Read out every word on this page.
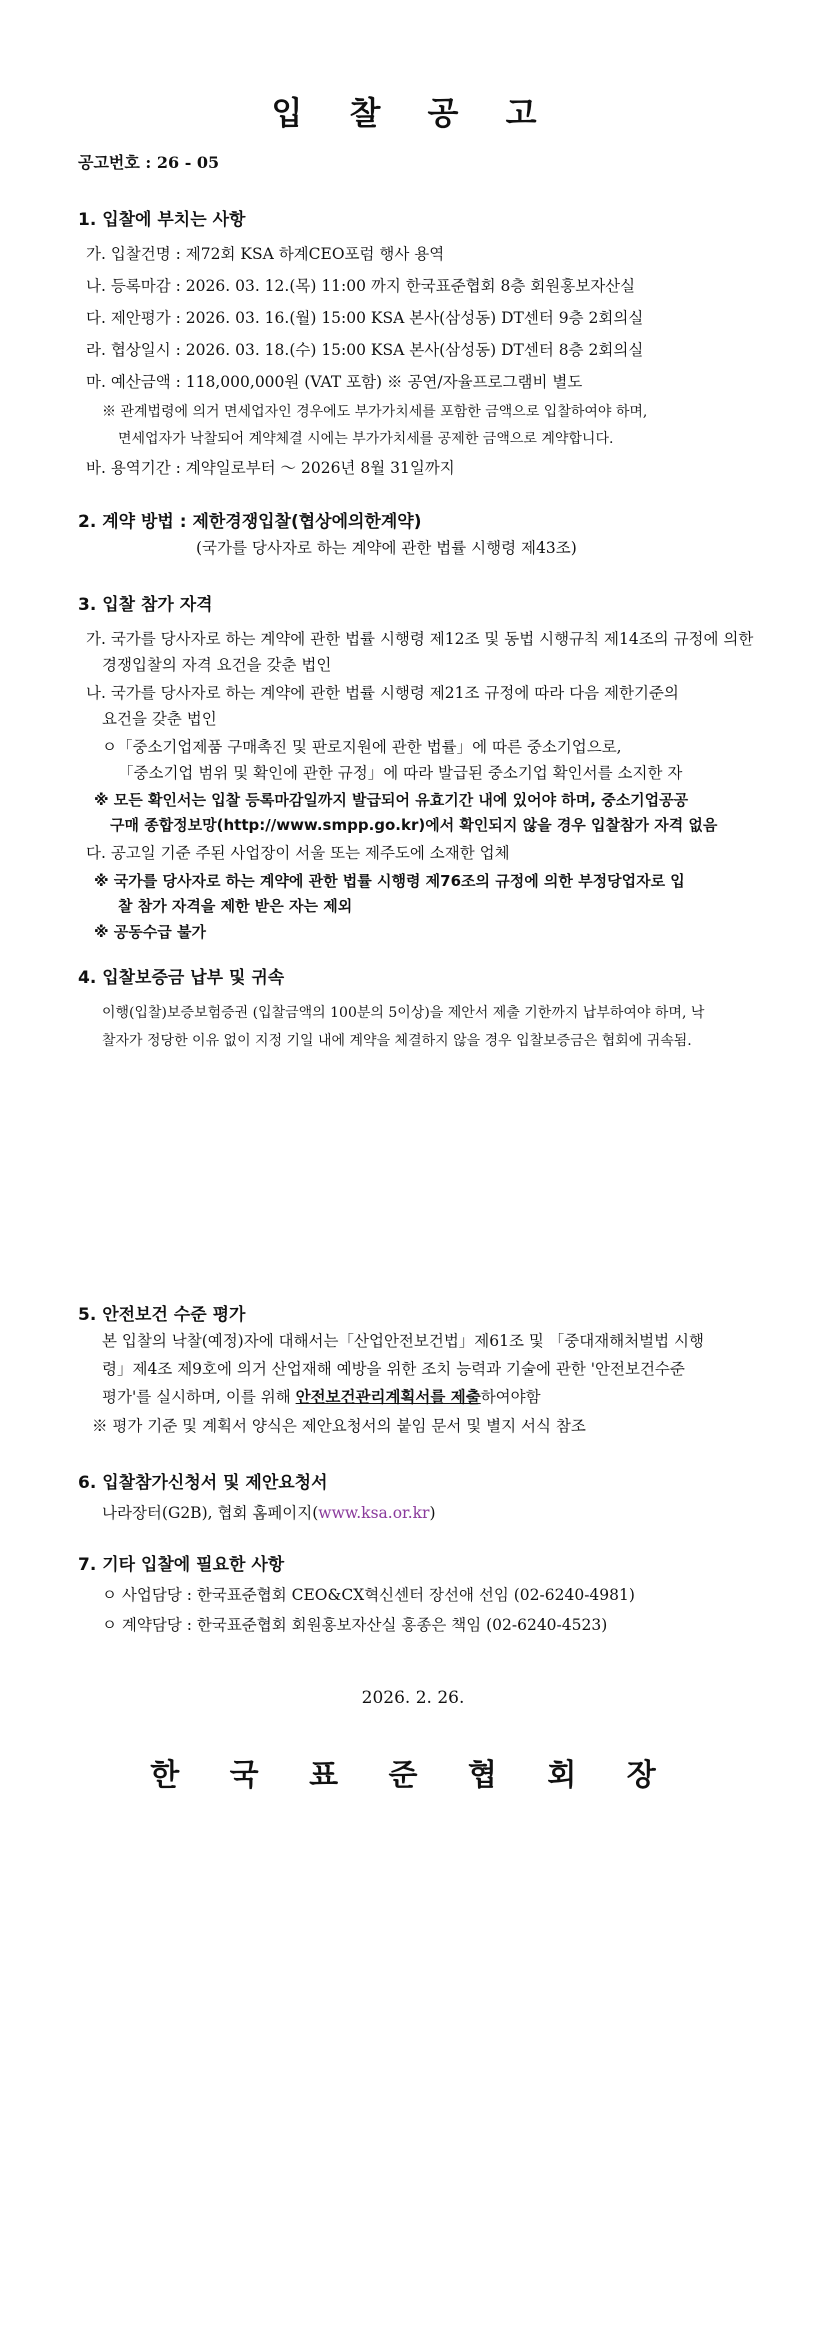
입 찰 공 고
공고번호 : 26 - 05
1. 입찰에 부치는 사항
가. 입찰건명 : 제72회 KSA 하계CEO포럼 행사 용역
나. 등록마감 : 2026. 03. 12.(목) 11:00 까지 한국표준협회 8층 회원홍보자산실
다. 제안평가 : 2026. 03. 16.(월) 15:00 KSA 본사(삼성동) DT센터 9층 2회의실
라. 협상일시 : 2026. 03. 18.(수) 15:00 KSA 본사(삼성동) DT센터 8층 2회의실
마. 예산금액 : 118,000,000원 (VAT 포함) ※ 공연/자율프로그램비 별도
※ 관계법령에 의거 면세업자인 경우에도 부가가치세를 포함한 금액으로 입찰하여야 하며,
면세업자가 낙찰되어 계약체결 시에는 부가가치세를 공제한 금액으로 계약합니다.
바. 용역기간 : 계약일로부터 ～ 2026년 8월 31일까지
2. 계약 방법 : 제한경쟁입찰(협상에의한계약)
(국가를 당사자로 하는 계약에 관한 법률 시행령 제43조)
3. 입찰 참가 자격
가. 국가를 당사자로 하는 계약에 관한 법률 시행령 제12조 및 동법 시행규칙 제14조의 규정에 의한
경쟁입찰의 자격 요건을 갖춘 법인
나. 국가를 당사자로 하는 계약에 관한 법률 시행령 제21조 규정에 따라 다음 제한기준의
요건을 갖춘 법인
ㅇ「중소기업제품 구매촉진 및 판로지원에 관한 법률」에 따른 중소기업으로,
「중소기업 범위 및 확인에 관한 규정」에 따라 발급된 중소기업 확인서를 소지한 자
※ 모든 확인서는 입찰 등록마감일까지 발급되어 유효기간 내에 있어야 하며, 중소기업공공
구매 종합정보망(http://www.smpp.go.kr)에서 확인되지 않을 경우 입찰참가 자격 없음
다. 공고일 기준 주된 사업장이 서울 또는 제주도에 소재한 업체
※ 국가를 당사자로 하는 계약에 관한 법률 시행령 제76조의 규정에 의한 부정당업자로 입
찰 참가 자격을 제한 받은 자는 제외
※ 공동수급 불가
4. 입찰보증금 납부 및 귀속
이행(입찰)보증보험증권 (입찰금액의 100분의 5이상)을 제안서 제출 기한까지 납부하여야 하며, 낙
찰자가 정당한 이유 없이 지정 기일 내에 계약을 체결하지 않을 경우 입찰보증금은 협회에 귀속됨.
5. 안전보건 수준 평가
본 입찰의 낙찰(예정)자에 대해서는「산업안전보건법」제61조 및 「중대재해처벌법 시행
령」제4조 제9호에 의거 산업재해 예방을 위한 조치 능력과 기술에 관한 '안전보건수준
평가'를 실시하며, 이를 위해 안전보건관리계획서를 제출하여야함
※ 평가 기준 및 계획서 양식은 제안요청서의 붙임 문서 및 별지 서식 참조
6. 입찰참가신청서 및 제안요청서
나라장터(G2B), 협회 홈페이지(www.ksa.or.kr)
7. 기타 입찰에 필요한 사항
ㅇ 사업담당 : 한국표준협회 CEO&CX혁신센터 장선애 선임 (02-6240-4981)
ㅇ 계약담당 : 한국표준협회 회원홍보자산실 홍종은 책임 (02-6240-4523)
2026. 2. 26.
한 국 표 준 협 회 장
